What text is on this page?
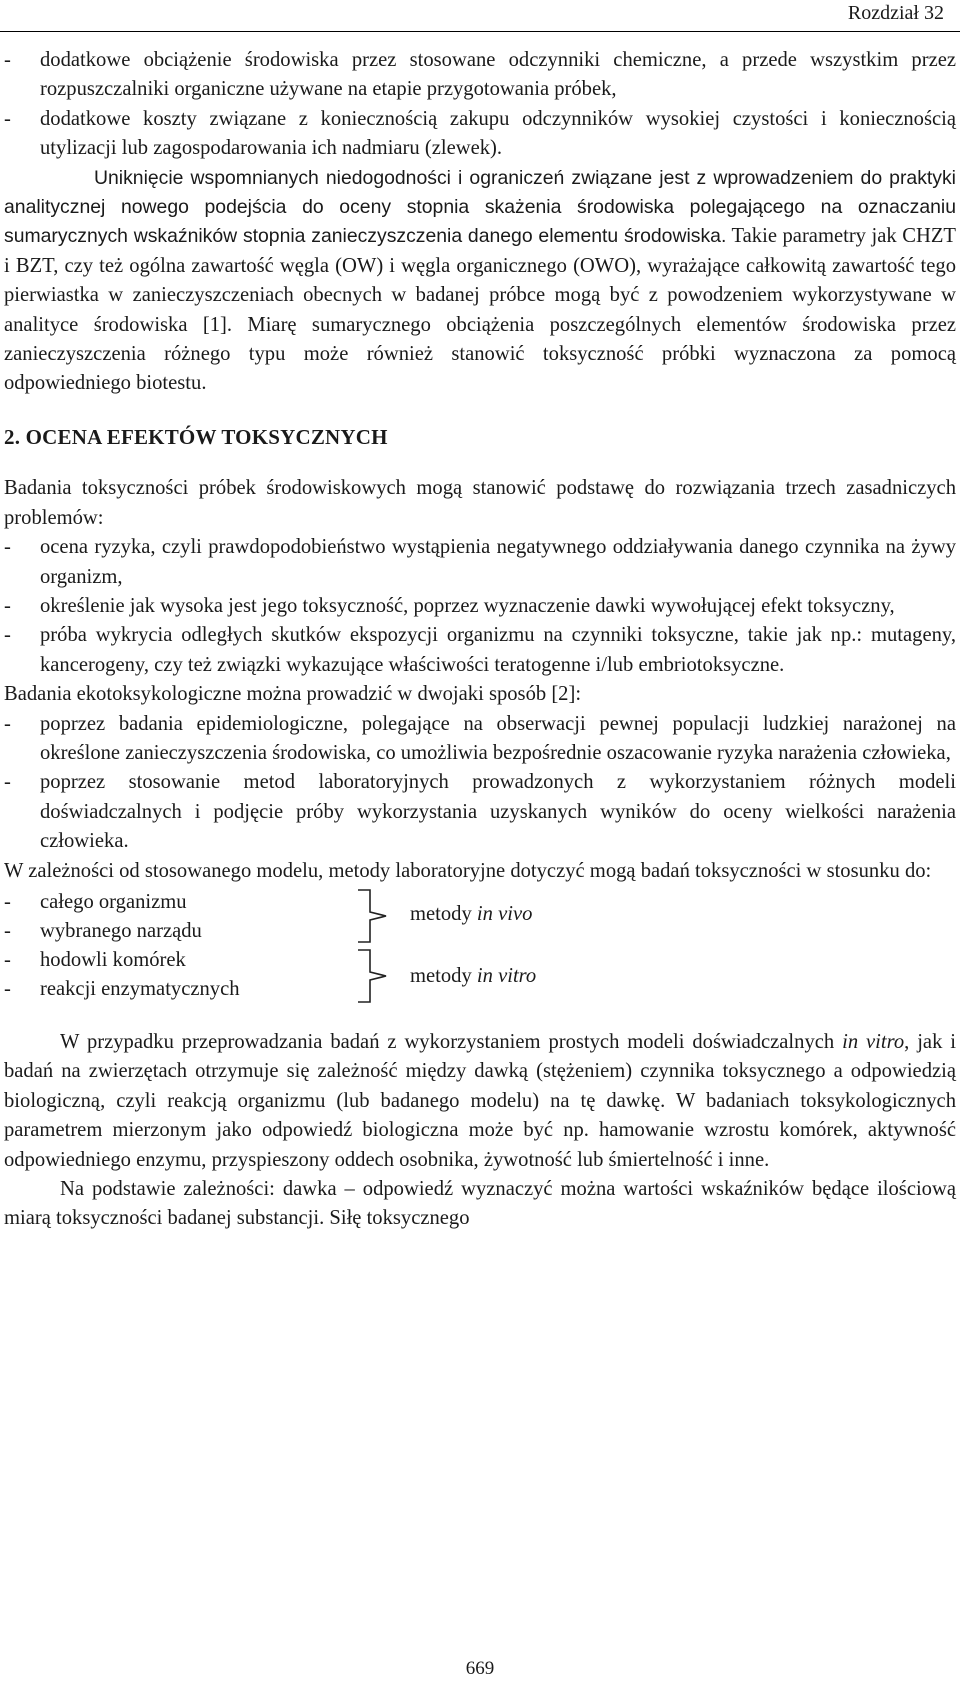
Rozdział 32
-	dodatkowe obciążenie środowiska przez stosowane odczynniki chemiczne, a przede wszystkim przez rozpuszczalniki organiczne używane na etapie przygotowania próbek,
-	dodatkowe koszty związane z koniecznością zakupu odczynników wysokiej czystości i koniecznością utylizacji lub zagospodarowania ich nadmiaru (zlewek).

Uniknięcie wspomnianych niedogodności i ograniczeń związane jest z wprowadzeniem do praktyki analitycznej nowego podejścia do oceny stopnia skażenia środowiska polegającego na oznaczaniu sumarycznych wskaźników stopnia zanieczyszczenia danego elementu środowiska. Takie parametry jak CHZT i BZT, czy też ogólna zawartość węgla (OW) i węgla organicznego (OWO), wyrażające całkowitą zawartość tego pierwiastka w zanieczyszczeniach obecnych w badanej próbce mogą być z powodzeniem wykorzystywane w analityce środowiska [1]. Miarę sumarycznego obciążenia poszczególnych elementów środowiska przez zanieczyszczenia różnego typu może również stanowić toksyczność próbki wyznaczona za pomocą odpowiedniego biotestu.

2. OCENA EFEKTÓW TOKSYCZNYCH

Badania toksyczności próbek środowiskowych mogą stanowić podstawę do rozwiązania trzech zasadniczych problemów:

-	ocena ryzyka, czyli prawdopodobieństwo wystąpienia negatywnego oddziaływania danego czynnika na żywy organizm,
-	określenie jak wysoka jest jego toksyczność, poprzez wyznaczenie dawki wywołującej efekt toksyczny,
-	próba wykrycia odległych skutków ekspozycji organizmu na czynniki toksyczne, takie jak np.: mutageny, kancerogeny, czy też związki wykazujące właściwości teratogenne i/lub embriotoksyczne.

Badania ekotoksykologiczne można prowadzić w dwojaki sposób [2]:

-	poprzez badania epidemiologiczne, polegające na obserwacji pewnej populacji ludzkiej narażonej na określone zanieczyszczenia środowiska, co umożliwia bezpośrednie oszacowanie ryzyka narażenia człowieka,
-	poprzez stosowanie metod laboratoryjnych prowadzonych z wykorzystaniem różnych modeli doświadczalnych i podjęcie próby wykorzystania uzyskanych wyników do oceny wielkości narażenia człowieka.

W zależności od stosowanego modelu, metody laboratoryjne dotyczyć mogą badań toksyczności w stosunku do:

-	całego organizmu
-	wybranego narządu
-	hodowli komórek
-	reakcji enzymatycznych
metody in vivo
metody in vitro

W przypadku przeprowadzania badań z wykorzystaniem prostych modeli doświadczalnych in vitro, jak i badań na zwierzętach otrzymuje się zależność między dawką (stężeniem) czynnika toksycznego a odpowiedzią biologiczną, czyli reakcją organizmu (lub badanego modelu) na tę dawkę. W badaniach toksykologicznych parametrem mierzonym jako odpowiedź biologiczna może być np. hamowanie wzrostu komórek, aktywność odpowiedniego enzymu, przyspieszony oddech osobnika, żywotność lub śmiertelność i inne.

Na podstawie zależności: dawka – odpowiedź wyznaczyć można wartości wskaźników będące ilościową miarą toksyczności badanej substancji. Siłę toksycznego

669
